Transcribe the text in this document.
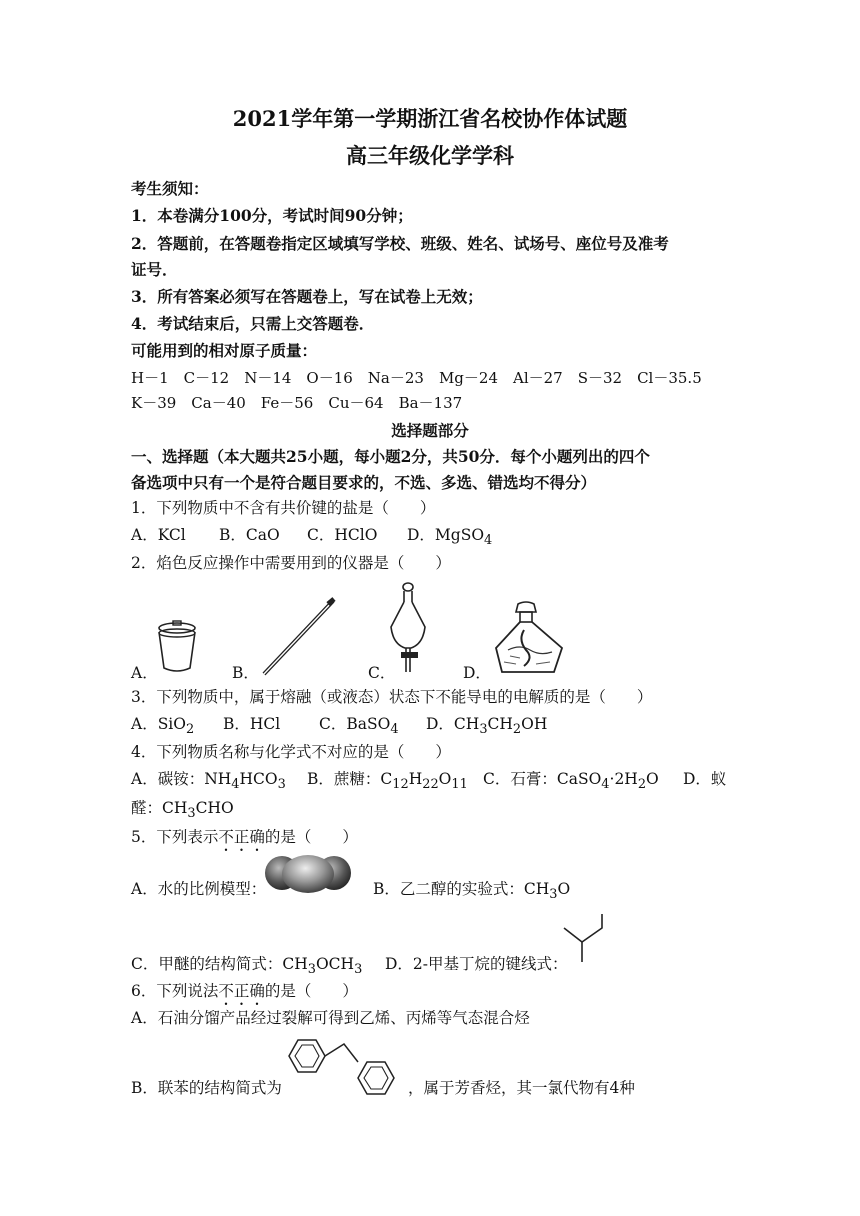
2021学年第一学期浙江省名校协作体试题
高三年级化学学科
考生须知：
1．本卷满分100分，考试时间90分钟；
2．答题前，在答题卷指定区域填写学校、班级、姓名、试场号、座位号及准考
证号．
3．所有答案必须写在答题卷上，写在试卷上无效；
4．考试结束后，只需上交答题卷．
可能用到的相对原子质量：
H－1　C－12　N－14　O－16　Na－23　Mg－24　Al－27　S－32　Cl－35.5
K－39　Ca－40　Fe－56　Cu－64　Ba－137
选择题部分
一、选择题（本大题共25小题，每小题2分，共50分．每个小题列出的四个
备选项中只有一个是符合题目要求的，不选、多选、错选均不得分）
1．下列物质中不含有共价键的盐是（　　）
A．KCl B．CaO C．HClO D．MgSO$_4$
2．焰色反应操作中需要用到的仪器是（　　）
A．	B．	C．	D．
3．下列物质中，属于熔融（或液态）状态下不能导电的电解质的是（　　）
A．SiO$_2$ B．HCl	C．BaSO$_4$ D．$CH_3CH_2OH$
4．下列物质名称与化学式不对应的是（　　）
A．碳铵：$NH_4HCO_3$ B．蔗糖：$C_{12}H_{22}O_{11}$ C．石膏：$CaSO_4\cdot 2H_2O$ D．蚁
醛：$CH_3CHO$
5．下列表示不正确的是（　　）
A．水的比例模型：	B．乙二醇的实验式：$CH_3O$
C．甲醚的结构简式：$CH_3OCH_3$ D．2-甲基丁烷的键线式：
6．下列说法不正确的是（　　）
A．石油分馏产品经过裂解可得到乙烯、丙烯等气态混合烃
B．联苯的结构简式为	，属于芳香烃，其一氯代物有4种
